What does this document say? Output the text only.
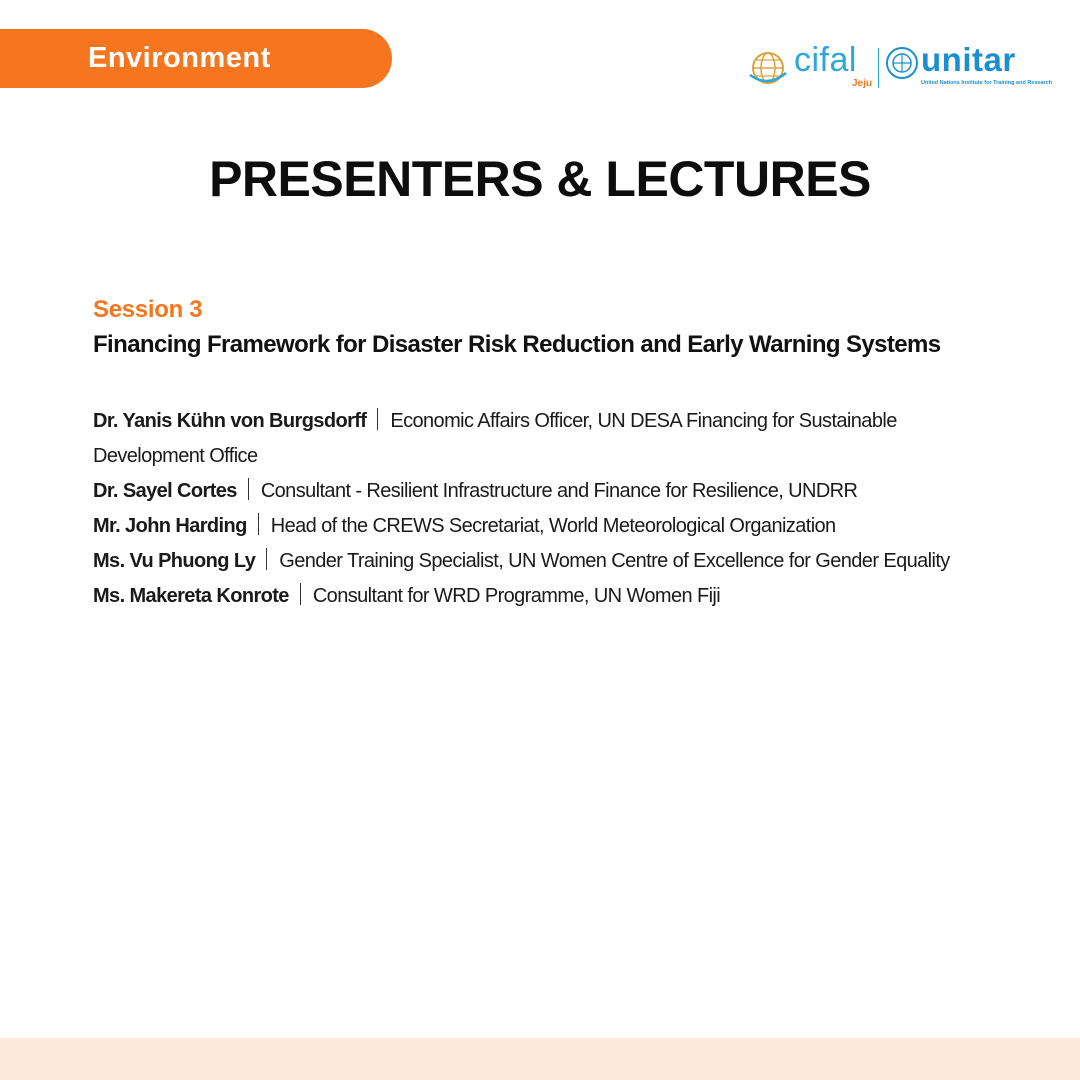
Environment	cifal
Jeju
unitar
United Nations Institute for Training and Research
PRESENTERS & LECTURES
Session 3
Financing Framework for Disaster Risk Reduction and Early Warning Systems
Dr. Yanis Kühn von Burgsdorff Economic Affairs Officer, UN DESA Financing for Sustainable Development Office
Dr. Sayel Cortes Consultant - Resilient Infrastructure and Finance for Resilience, UNDRR
Mr. John Harding Head of the CREWS Secretariat, World Meteorological Organization
Ms. Vu Phuong Ly Gender Training Specialist, UN Women Centre of Excellence for Gender Equality
Ms. Makereta Konrote Consultant for WRD Programme, UN Women Fiji
